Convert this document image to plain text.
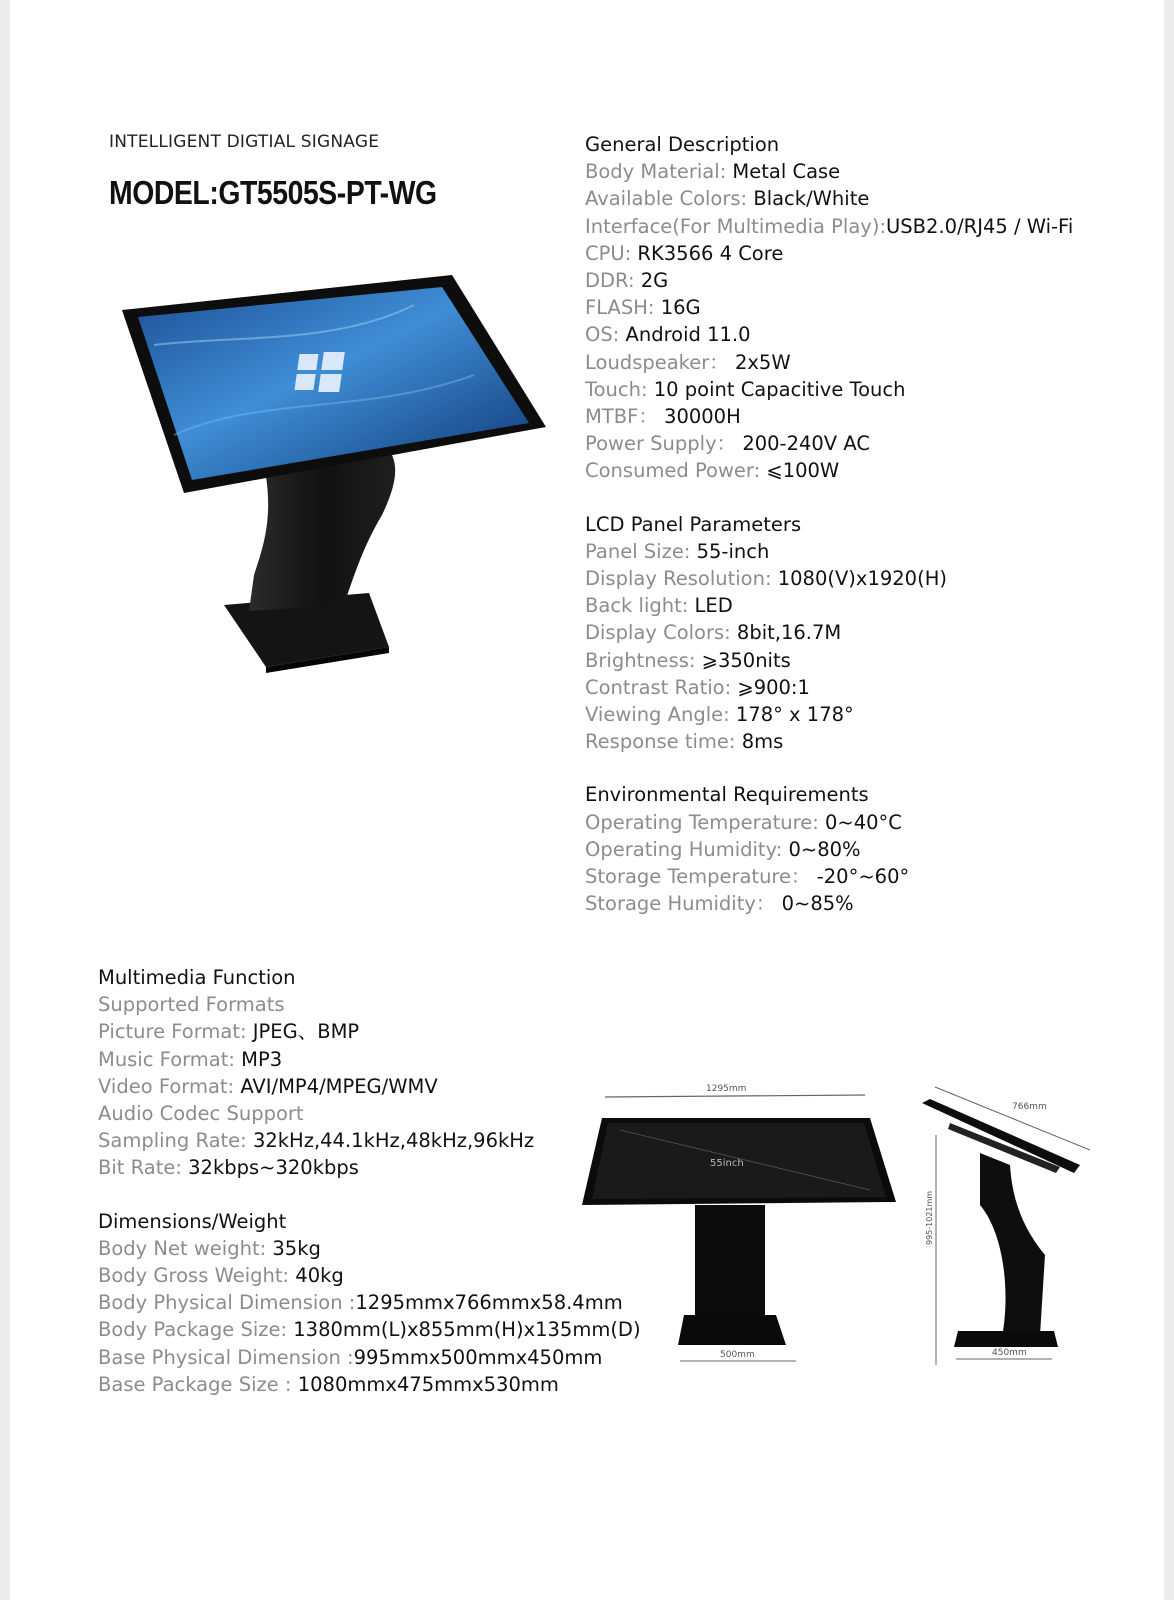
INTELLIGENT DIGTIAL SIGNAGE
MODEL:GT5505S-PT-WG
General Description
Body Material: Metal Case
Available Colors: Black/White
Interface(For Multimedia Play):USB2.0/RJ45 / Wi-Fi
CPU: RK3566 4 Core
DDR: 2G
FLASH: 16G
OS: Android 11.0
Loudspeaker： 2x5W
Touch: 10 point Capacitive Touch
MTBF： 30000H
Power Supply： 200-240V AC
Consumed Power: ⩽100W
LCD Panel Parameters
Panel Size: 55-inch
Display Resolution: 1080(V)x1920(H)
Back light: LED
Display Colors: 8bit,16.7M
Brightness: ⩾350nits
Contrast Ratio: ⩾900:1
Viewing Angle: 178° x 178°
Response time: 8ms
Environmental Requirements
Operating Temperature: 0~40°C
Operating Humidity: 0~80%
Storage Temperature： -20°~60°
Storage Humidity： 0~85%
Multimedia Function
Supported Formats
Picture Format: JPEG、BMP
Music Format: MP3
Video Format: AVI/MP4/MPEG/WMV
Audio Codec Support
Sampling Rate: 32kHz,44.1kHz,48kHz,96kHz
Bit Rate: 32kbps~320kbps
Dimensions/Weight
Body Net weight: 35kg
Body Gross Weight: 40kg
Body Physical Dimension :1295mmx766mmx58.4mm
Body Package Size: 1380mm(L)x855mm(H)x135mm(D)
Base Physical Dimension :995mmx500mmx450mm
Base Package Size : 1080mmx475mmx530mm
1295mm
55inch
500mm
766mm
995-1021mm
450mm
